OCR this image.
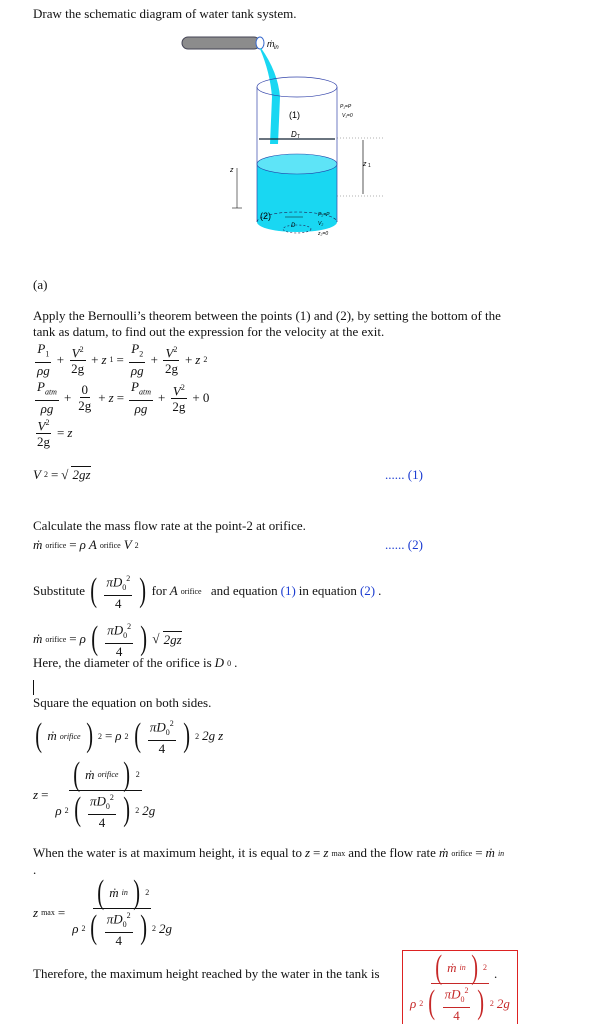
Draw the schematic diagram of water tank system.
ṁ in
D T
(1)
P₁=P
V₁=0
z 1
z
(2)
D
P₂=P
V₂
z₂=0
(a)
Apply the Bernoulli’s theorem between the points (1) and (2), by setting the bottom of the
tank as datum, to find out the expression for the velocity at the exit.
$\frac{P_1}{\rho g} + \frac{V^2}{2g} + z$ $1 = \frac{P_2}{\rho g} + \frac{V^2}{2g} + z$ 2
$\frac{P_{atm}}{\rho g} + \frac{0}{2g} + z = \frac{P_{atm}}{\rho g} + \frac{V^2}{2g} + 0$
$\frac{V^2}{2g} = z$
V 2 = √ 2gz	...... (1)
Calculate the mass flow rate at the point-2 at orifice.
ṁ orifice = ρ A orifice V 2	...... (2)
Substitute ( $\frac{\pi D_0^2}{4}$ ) for A orifice
and equation (1) in equation (2) .
ṁ orifice = ρ ( $\frac{\pi D_0^2}{4}$ ) √ 2gz
Here, the diameter of the orifice is D 0 .
Square the equation on both sides.
( ṁ orifice ) 2 = ρ 2 ( $\frac{\pi D_0^2}{4}$ ) 2 2g z
$z = \frac{\text{( ṁ orifice ) 2}}{\rho 2 ( \frac{\pi D_0^2}{4} ) 2 2g}$
When the water is at maximum height, it is equal to z = z max and the flow rate ṁ orifice = ṁ in
.
z $\max = \frac{\text{( ṁ in ) 2}}{\rho 2 ( \frac{\pi D_0^2}{4} ) 2 2g}$
Therefore, the maximum height reached by the water in the tank is $\frac{\text{( ṁ in ) 2}}{\rho 2 ( \frac{\pi D_0^2}{4} ) 2 2g}$
.
